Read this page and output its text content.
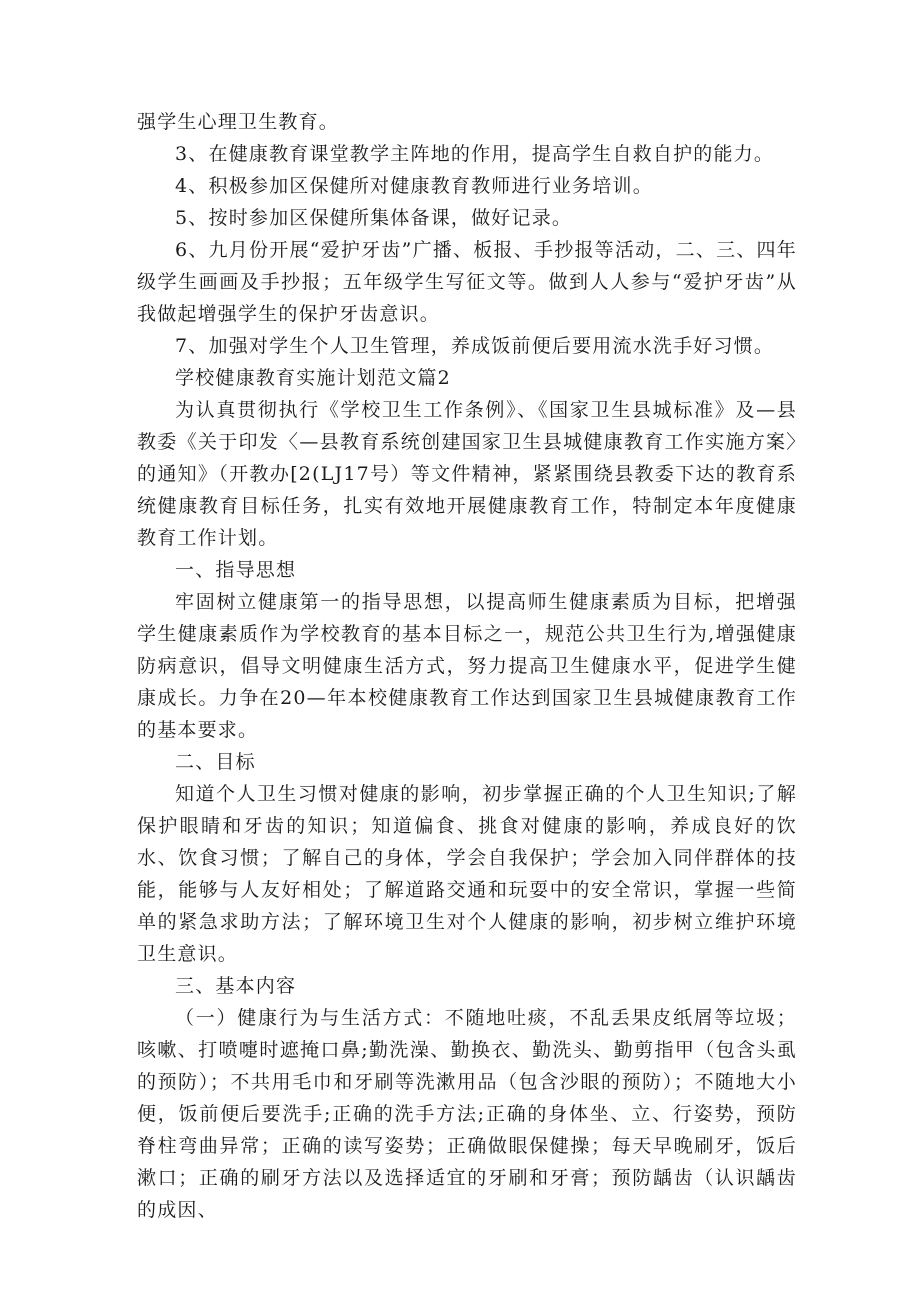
强学生心理卫生教育。

3、在健康教育课堂教学主阵地的作用，提高学生自救自护的能力。

4、积极参加区保健所对健康教育教师进行业务培训。

5、按时参加区保健所集体备课，做好记录。

6、九月份开展“爱护牙齿”广播、板报、手抄报等活动，二、三、四年级学生画画及手抄报；五年级学生写征文等。做到人人参与“爱护牙齿”从我做起增强学生的保护牙齿意识。

7、加强对学生个人卫生管理，养成饭前便后要用流水洗手好习惯。

学校健康教育实施计划范文篇2

为认真贯彻执行《学校卫生工作条例》、《国家卫生县城标准》及—县教委《关于印发〈—县教育系统创建国家卫生县城健康教育工作实施方案〉的通知》（开教办[2(LJ17号）等文件精神，紧紧围绕县教委下达的教育系统健康教育目标任务，扎实有效地开展健康教育工作，特制定本年度健康教育工作计划。

一、指导思想

牢固树立健康第一的指导思想，以提高师生健康素质为目标，把增强学生健康素质作为学校教育的基本目标之一，规范公共卫生行为,增强健康防病意识，倡导文明健康生活方式，努力提高卫生健康水平，促进学生健康成长。力争在20—年本校健康教育工作达到国家卫生县城健康教育工作的基本要求。

二、目标

知道个人卫生习惯对健康的影响，初步掌握正确的个人卫生知识;了解保护眼睛和牙齿的知识；知道偏食、挑食对健康的影响，养成良好的饮水、饮食习惯；了解自己的身体，学会自我保护；学会加入同伴群体的技能，能够与人友好相处；了解道路交通和玩耍中的安全常识，掌握一些简单的紧急求助方法；了解环境卫生对个人健康的影响，初步树立维护环境卫生意识。

三、基本内容

（一）健康行为与生活方式：不随地吐痰，不乱丢果皮纸屑等垃圾；咳嗽、打喷嚏时遮掩口鼻;勤洗澡、勤换衣、勤洗头、勤剪指甲（包含头虱的预防）；不共用毛巾和牙刷等洗漱用品（包含沙眼的预防）；不随地大小便，饭前便后要洗手;正确的洗手方法;正确的身体坐、立、行姿势，预防脊柱弯曲异常；正确的读写姿势；正确做眼保健操；每天早晚刷牙，饭后漱口；正确的刷牙方法以及选择适宜的牙刷和牙膏；预防龋齿（认识龋齿的成因、
